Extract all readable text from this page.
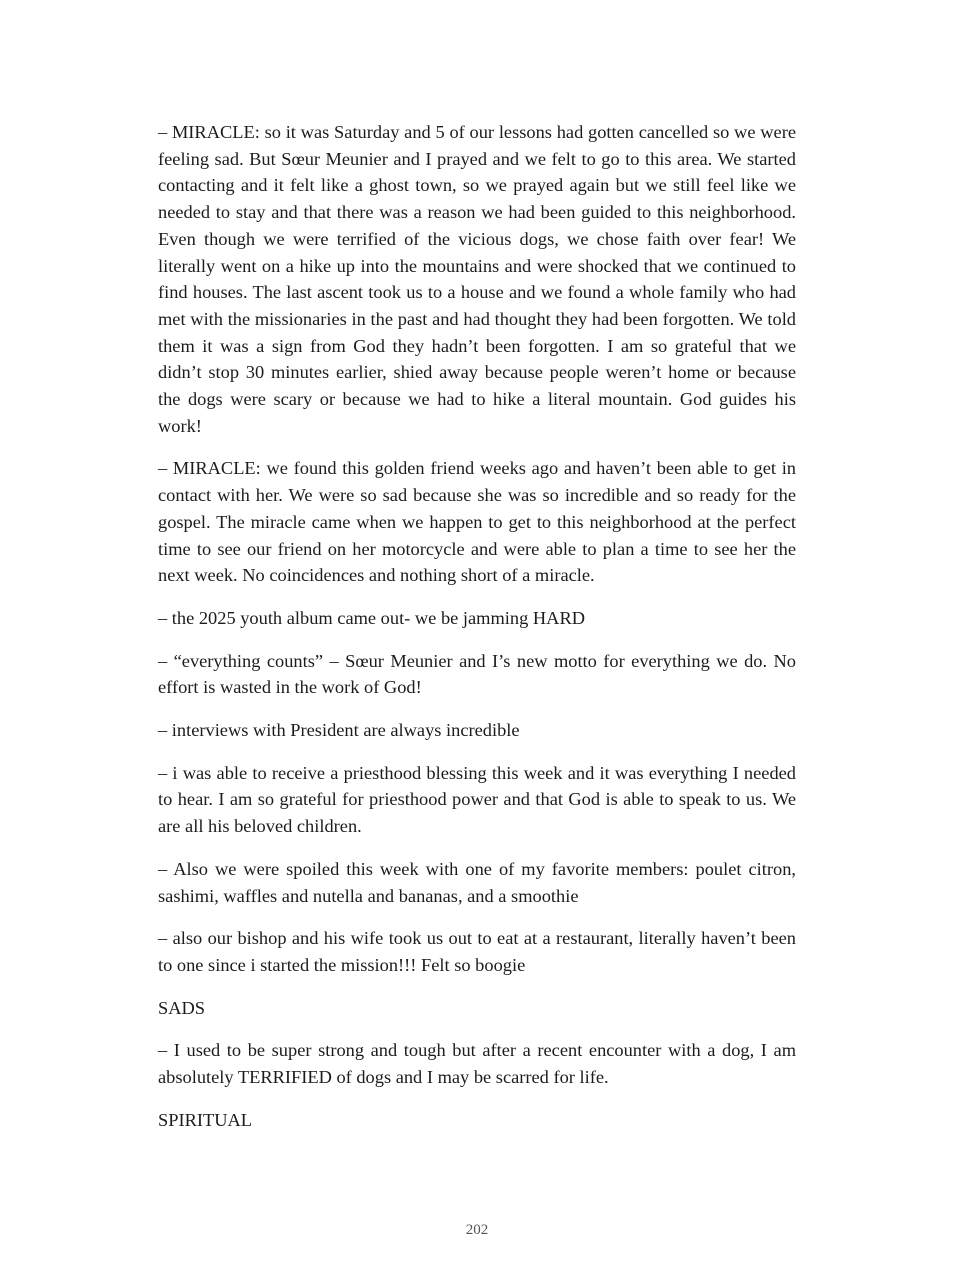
– MIRACLE: so it was Saturday and 5 of our lessons had gotten cancelled so we were feeling sad. But Sœur Meunier and I prayed and we felt to go to this area. We started contacting and it felt like a ghost town, so we prayed again but we still feel like we needed to stay and that there was a reason we had been guided to this neighborhood. Even though we were terrified of the vicious dogs, we chose faith over fear! We literally went on a hike up into the mountains and were shocked that we continued to find houses. The last ascent took us to a house and we found a whole family who had met with the missionaries in the past and had thought they had been forgotten. We told them it was a sign from God they hadn’t been forgotten. I am so grateful that we didn’t stop 30 minutes earlier, shied away because people weren’t home or because the dogs were scary or because we had to hike a literal mountain. God guides his work!

– MIRACLE: we found this golden friend weeks ago and haven’t been able to get in contact with her. We were so sad because she was so incredible and so ready for the gospel. The miracle came when we happen to get to this neighborhood at the perfect time to see our friend on her motorcycle and were able to plan a time to see her the next week. No coincidences and nothing short of a miracle.

– the 2025 youth album came out- we be jamming HARD

– “everything counts” – Sœur Meunier and I’s new motto for everything we do. No effort is wasted in the work of God!

– interviews with President are always incredible

– i was able to receive a priesthood blessing this week and it was everything I needed to hear. I am so grateful for priesthood power and that God is able to speak to us. We are all his beloved children.

– Also we were spoiled this week with one of my favorite members: poulet citron, sashimi, waffles and nutella and bananas, and a smoothie

– also our bishop and his wife took us out to eat at a restaurant, literally haven’t been to one since i started the mission!!! Felt so boogie

SADS

– I used to be super strong and tough but after a recent encounter with a dog, I am absolutely TERRIFIED of dogs and I may be scarred for life.

SPIRITUAL

202
